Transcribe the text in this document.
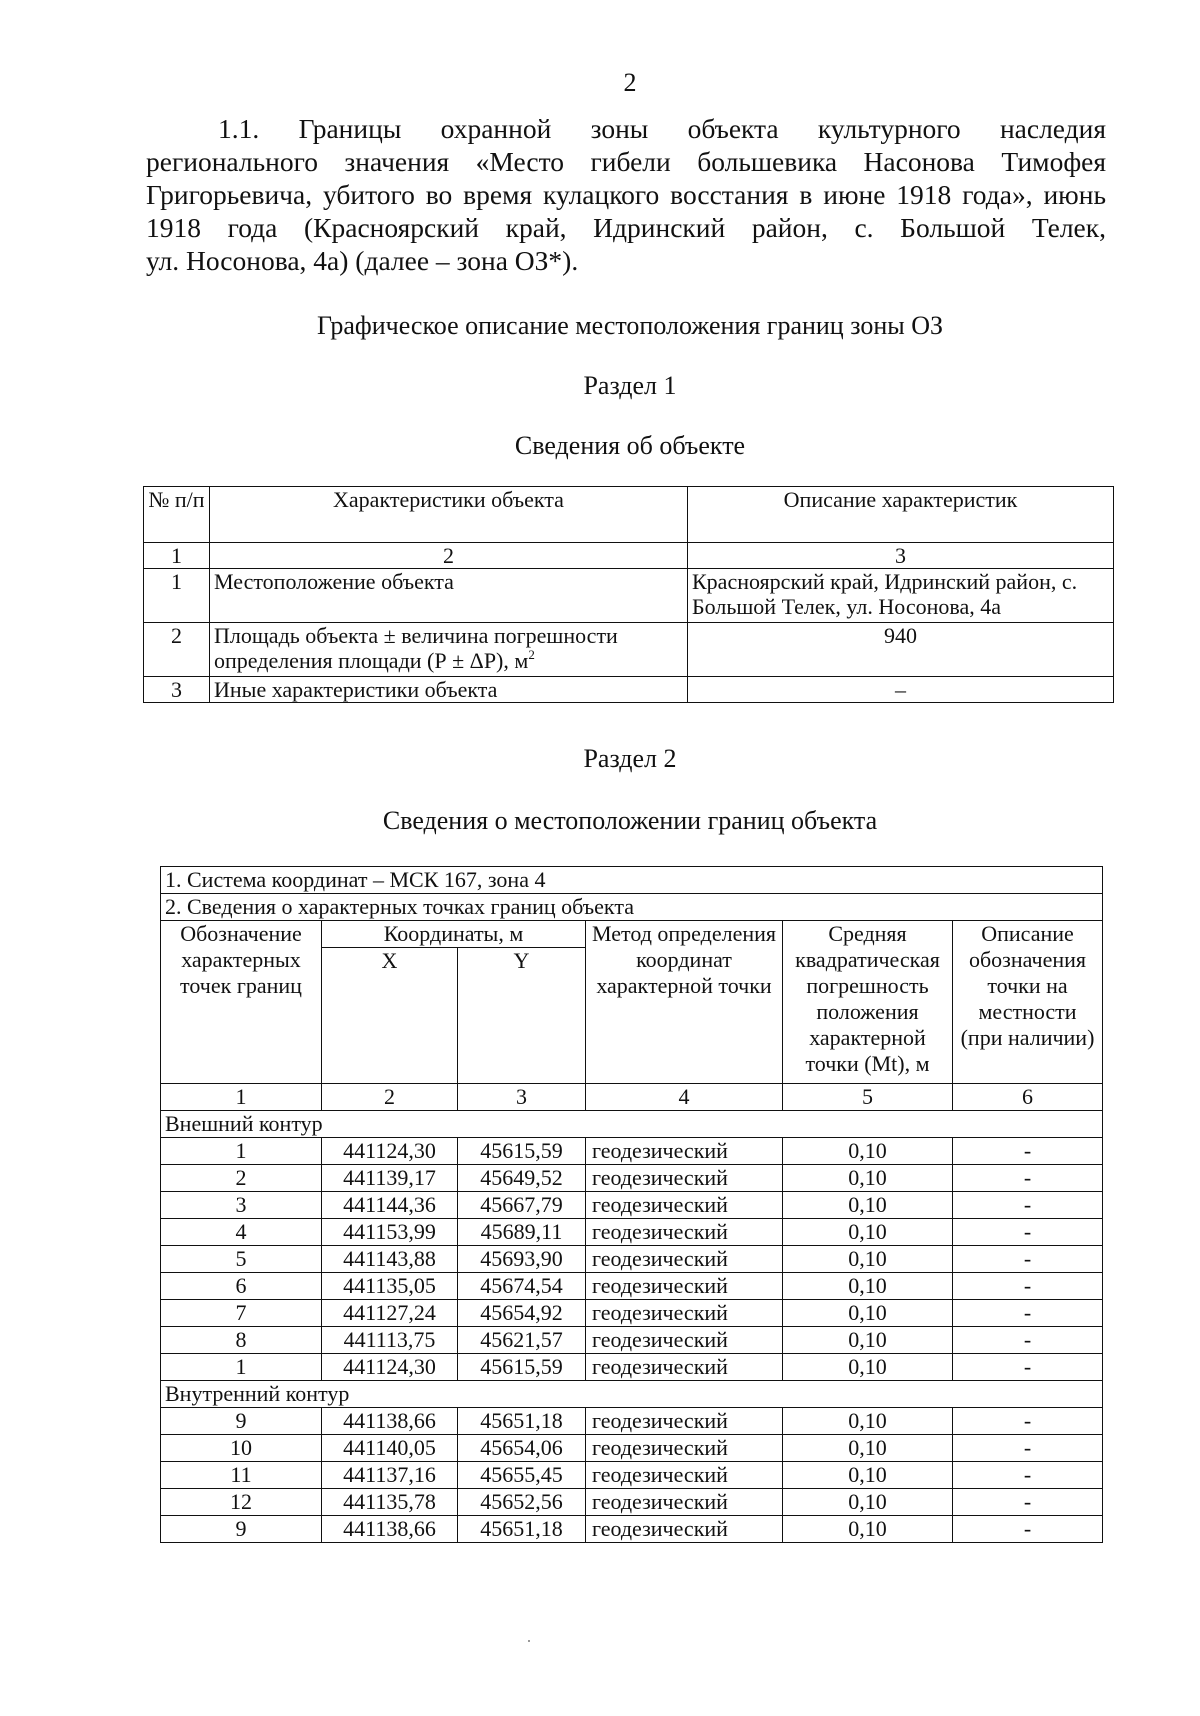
2
1.1. Границы охранной зоны объекта культурного наследия
регионального значения «Место гибели большевика Насонова Тимофея
Григорьевича, убитого во время кулацкого восстания в июне 1918 года», июнь
1918 года (Красноярский край, Идринский район, с. Большой Телек,
ул. Носонова, 4а) (далее – зона ОЗ*).
Графическое описание местоположения границ зоны ОЗ
Раздел 1
Сведения об объекте
№ п/п	Характеристики объекта	Описание характеристик
1	2	3
1	Местоположение объекта	Красноярский край, Идринский район, с. Большой Телек, ул. Носонова, 4а
2	Площадь объекта ± величина погрешности определения площади (Р ± ΔР), $м^2$	940
3	Иные характеристики объекта	–
Раздел 2
Сведения о местоположении границ объекта
1. Система координат – МСК 167, зона 4					
2. Сведения о характерных точках границ объекта					
Обозначение характерных точек границ	Координаты, м		Метод определения координат характерной точки	Средняя квадратическая погрешность положения характерной точки (Mt), м	Описание обозначения точки на местности (при наличии)
	X	Y			
1	2	3	4	5	6
Внешний контур					
1	441124,30	45615,59	геодезический	0,10	-
2	441139,17	45649,52	геодезический	0,10	-
3	441144,36	45667,79	геодезический	0,10	-
4	441153,99	45689,11	геодезический	0,10	-
5	441143,88	45693,90	геодезический	0,10	-
6	441135,05	45674,54	геодезический	0,10	-
7	441127,24	45654,92	геодезический	0,10	-
8	441113,75	45621,57	геодезический	0,10	-
1	441124,30	45615,59	геодезический	0,10	-
Внутренний контур					
9	441138,66	45651,18	геодезический	0,10	-
10	441140,05	45654,06	геодезический	0,10	-
11	441137,16	45655,45	геодезический	0,10	-
12	441135,78	45652,56	геодезический	0,10	-
9	441138,66	45651,18	геодезический	0,10	-
